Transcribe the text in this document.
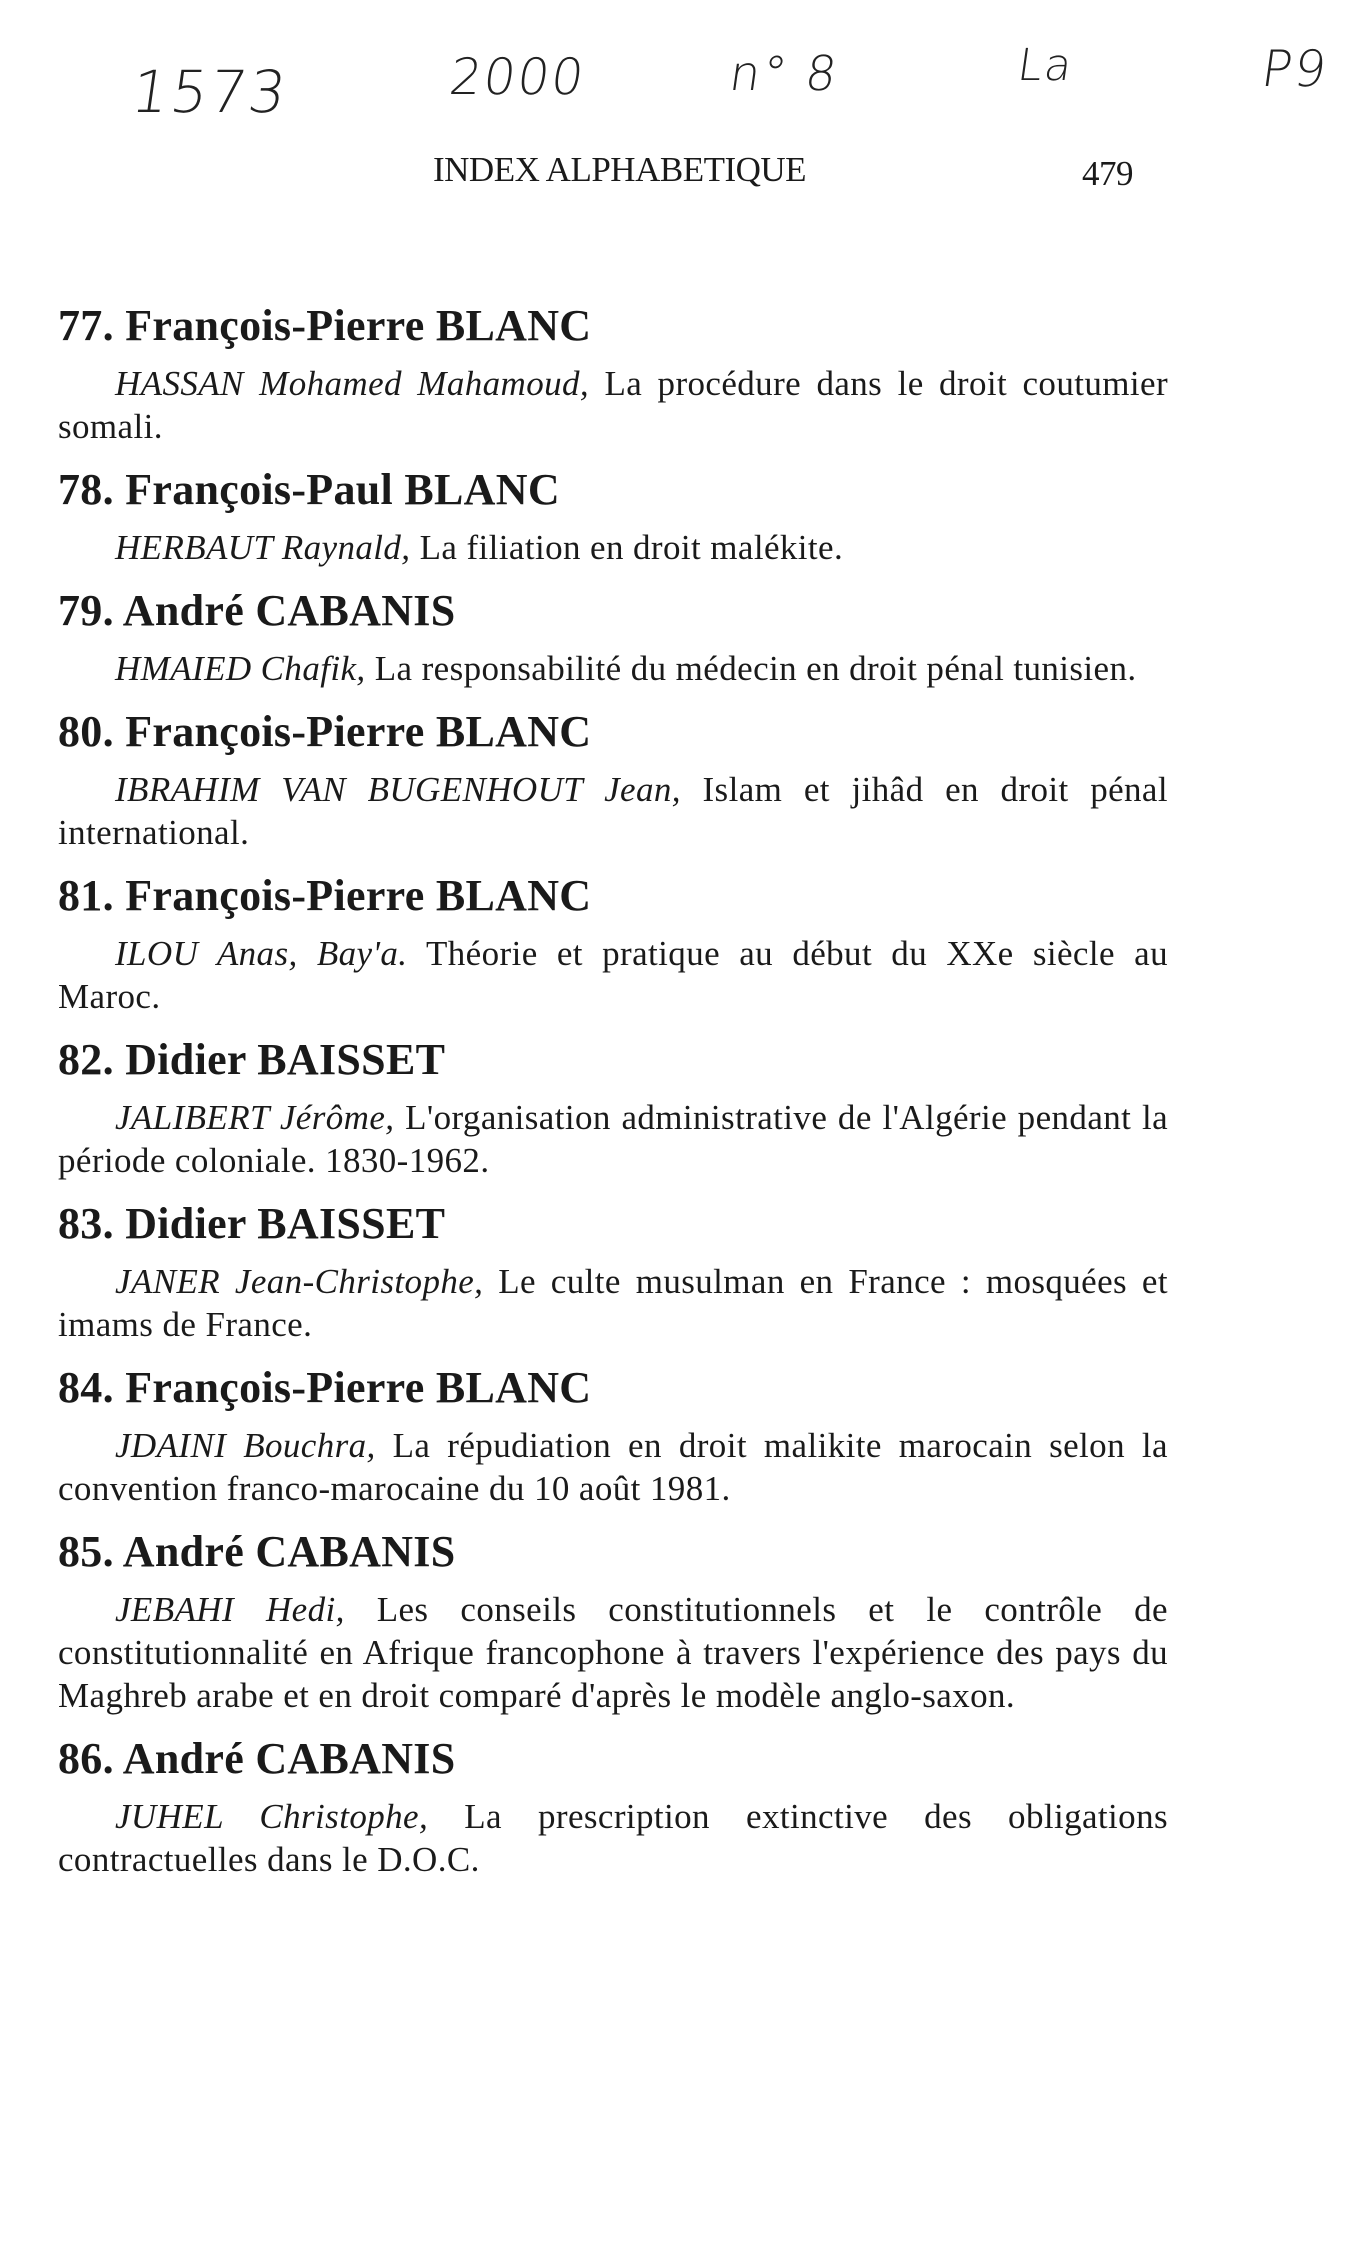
1573	2000	n° 8	La	P9
INDEX ALPHABETIQUE	479
77. François-Pierre BLANC

HASSAN Mohamed Mahamoud, La procédure dans le droit coutumier somali.

78. François-Paul BLANC

HERBAUT Raynald, La filiation en droit malékite.

79. André CABANIS

HMAIED Chafik, La responsabilité du médecin en droit pénal tunisien.

80. François-Pierre BLANC

IBRAHIM VAN BUGENHOUT Jean, Islam et jihâd en droit pénal international.

81. François-Pierre BLANC

ILOU Anas, Bay'a. Théorie et pratique au début du XXe siècle au Maroc.

82. Didier BAISSET

JALIBERT Jérôme, L'organisation administrative de l'Algérie pendant la période coloniale. 1830-1962.

83. Didier BAISSET

JANER Jean-Christophe, Le culte musulman en France : mosquées et imams de France.

84. François-Pierre BLANC

JDAINI Bouchra, La répudiation en droit malikite marocain selon la convention franco-marocaine du 10 août 1981.

85. André CABANIS

JEBAHI Hedi, Les conseils constitutionnels et le contrôle de constitutionnalité en Afrique francophone à travers l'expérience des pays du Maghreb arabe et en droit comparé d'après le modèle anglo-saxon.

86. André CABANIS

JUHEL Christophe, La prescription extinctive des obligations contractuelles dans le D.O.C.
